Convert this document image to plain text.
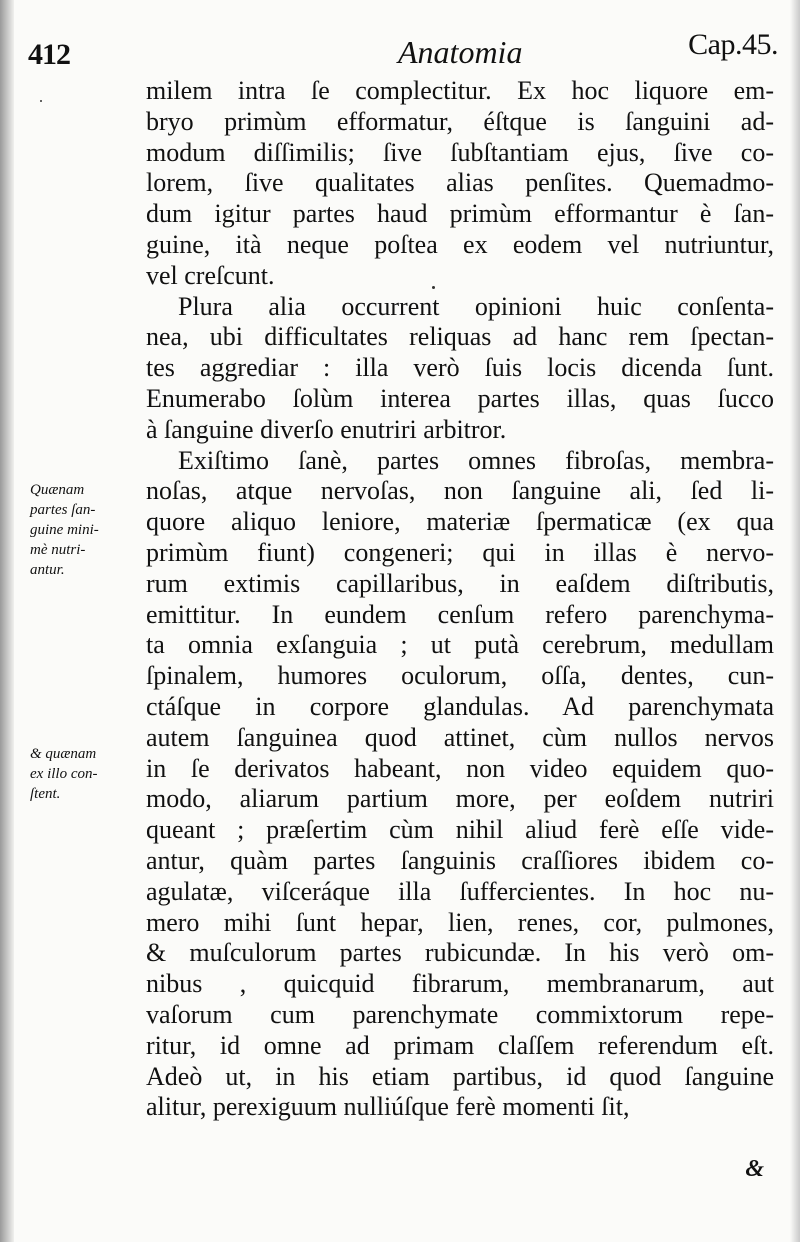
412	Anatomia	Cap.45.
milem intra ſe complectitur. Ex hoc liquore em-
bryo primùm efformatur, éſtque is ſanguini ad-
modum diſſimilis; ſive ſubſtantiam ejus, ſive co-
lorem, ſive qualitates alias penſites. Quemadmo-
dum igitur partes haud primùm efformantur è ſan-
guine, ità neque poſtea ex eodem vel nutriuntur,
vel creſcunt.
Plura alia occurrent opinioni huic conſenta-
nea, ubi difficultates reliquas ad hanc rem ſpectan-
tes aggrediar : illa verò ſuis locis dicenda ſunt.
Enumerabo ſolùm interea partes illas, quas ſucco
à ſanguine diverſo enutriri arbitror.
Exiſtimo ſanè, partes omnes fibroſas, membra-
noſas, atque nervoſas, non ſanguine ali, ſed li-
quore aliquo leniore, materiæ ſpermaticæ (ex qua
primùm fiunt) congeneri; qui in illas è nervo-
rum extimis capillaribus, in eaſdem diſtributis,
emittitur. In eundem cenſum refero parenchyma-
ta omnia exſanguia ; ut putà cerebrum, medullam
ſpinalem, humores oculorum, oſſa, dentes, cun-
ctáſque in corpore glandulas. Ad parenchymata
autem ſanguinea quod attinet, cùm nullos nervos
in ſe derivatos habeant, non video equidem quo-
modo, aliarum partium more, per eoſdem nutriri
queant ; præſertim cùm nihil aliud ferè eſſe vide-
antur, quàm partes ſanguinis craſſiores ibidem co-
agulatæ, viſceráque illa ſuffercientes. In hoc nu-
mero mihi ſunt hepar, lien, renes, cor, pulmones,
& muſculorum partes rubicundæ. In his verò om-
nibus , quicquid fibrarum, membranarum, aut
vaſorum cum parenchymate commixtorum repe-
ritur, id omne ad primam claſſem referendum eſt.
Adeò ut, in his etiam partibus, id quod ſanguine
alitur, perexiguum nulliúſque ferè momenti ſit,
Quænam
partes ſan-
guine mini-
mè nutri-
antur.
& quænam
ex illo con-
ſtent.
&
